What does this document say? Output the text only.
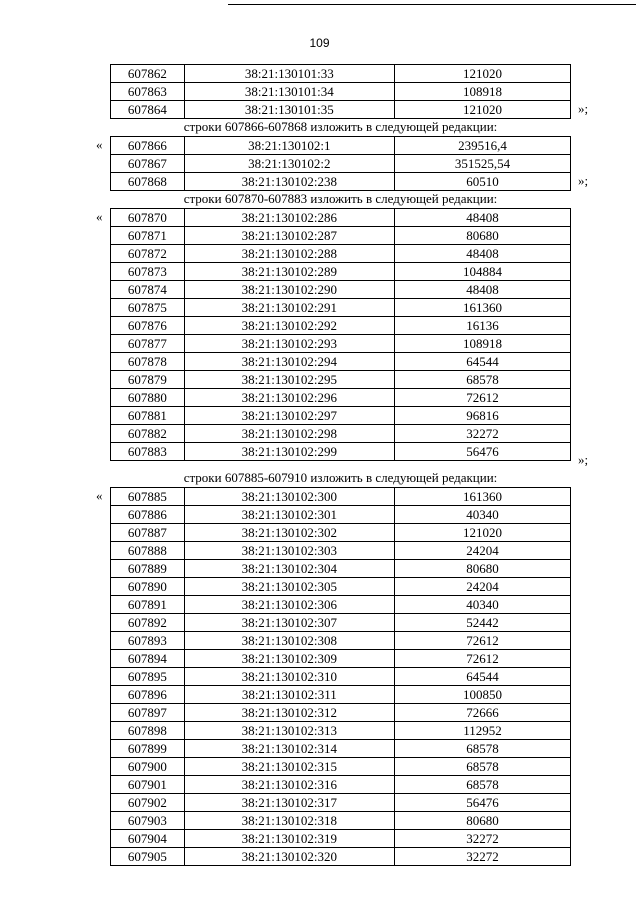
109
607862	38:21:130101:33	121020
607863	38:21:130101:34	108918
607864	38:21:130101:35	121020	»;
строки 607866-607868 изложить в следующей редакции:
« 607866	38:21:130102:1	239516,4
607867	38:21:130102:2	351525,54
607868	38:21:130102:238	60510	»;
строки 607870-607883 изложить в следующей редакции:
« 607870	38:21:130102:286	48408
607871	38:21:130102:287	80680
607872	38:21:130102:288	48408
607873	38:21:130102:289	104884
607874	38:21:130102:290	48408
607875	38:21:130102:291	161360
607876	38:21:130102:292	16136
607877	38:21:130102:293	108918
607878	38:21:130102:294	64544
607879	38:21:130102:295	68578
607880	38:21:130102:296	72612
607881	38:21:130102:297	96816
607882	38:21:130102:298	32272
607883	38:21:130102:299	56476
»;
строки 607885-607910 изложить в следующей редакции:
« 607885	38:21:130102:300	161360
607886	38:21:130102:301	40340
607887	38:21:130102:302	121020
607888	38:21:130102:303	24204
607889	38:21:130102:304	80680
607890	38:21:130102:305	24204
607891	38:21:130102:306	40340
607892	38:21:130102:307	52442
607893	38:21:130102:308	72612
607894	38:21:130102:309	72612
607895	38:21:130102:310	64544
607896	38:21:130102:311	100850
607897	38:21:130102:312	72666
607898	38:21:130102:313	112952
607899	38:21:130102:314	68578
607900	38:21:130102:315	68578
607901	38:21:130102:316	68578
607902	38:21:130102:317	56476
607903	38:21:130102:318	80680
607904	38:21:130102:319	32272
607905	38:21:130102:320	32272
